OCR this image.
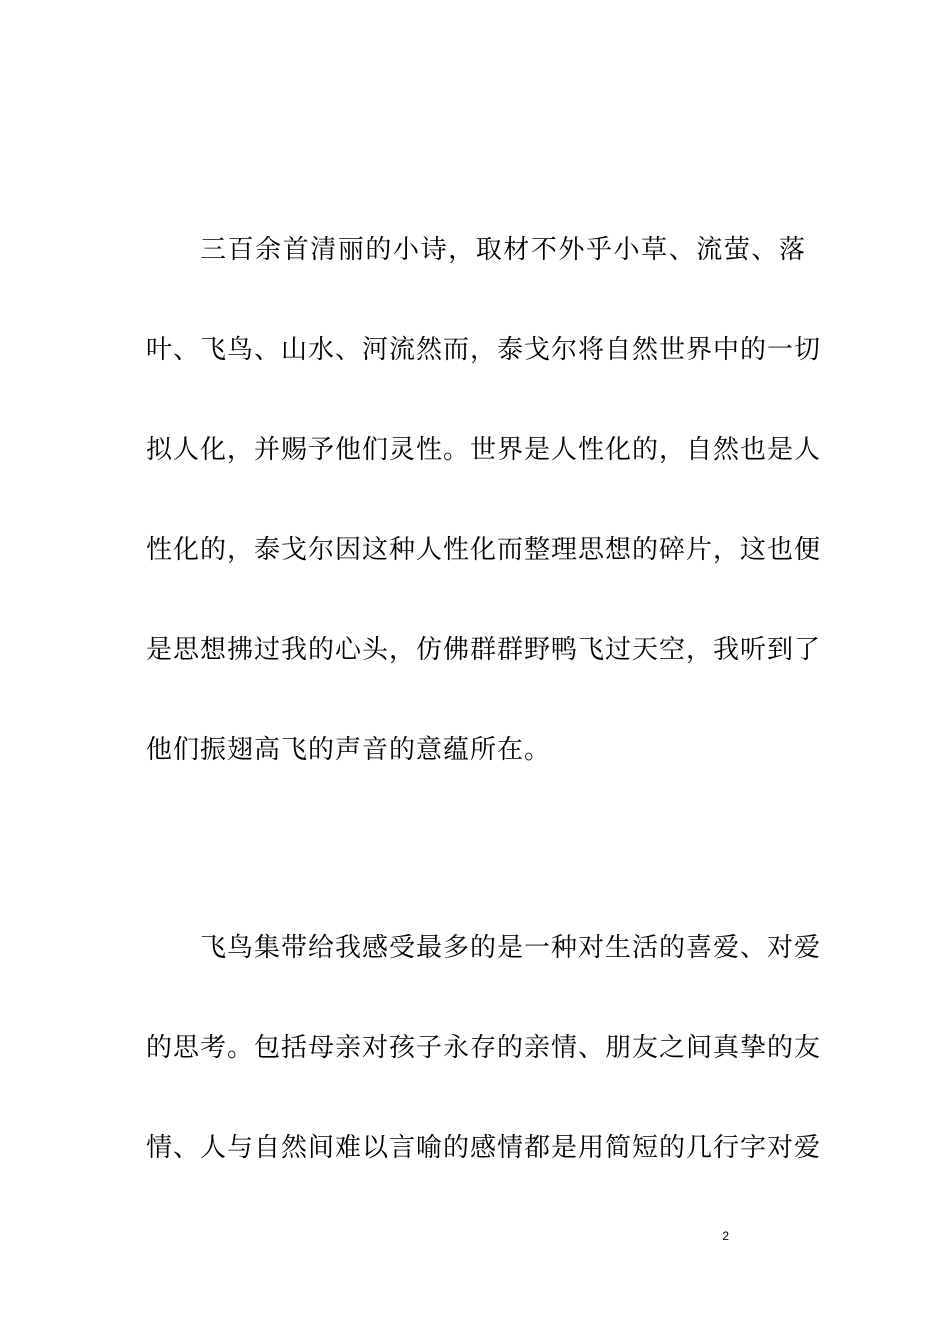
三百余首清丽的小诗，取材不外乎小草、流萤、落
叶、飞鸟、山水、河流然而，泰戈尔将自然世界中的一切
拟人化，并赐予他们灵性。世界是人性化的，自然也是人
性化的，泰戈尔因这种人性化而整理思想的碎片，这也便
是思想拂过我的心头，仿佛群群野鸭飞过天空，我听到了
他们振翅高飞的声音的意蕴所在。
飞鸟集带给我感受最多的是一种对生活的喜爱、对爱
的思考。包括母亲对孩子永存的亲情、朋友之间真挚的友
情、人与自然间难以言喻的感情都是用简短的几行字对爱
2
